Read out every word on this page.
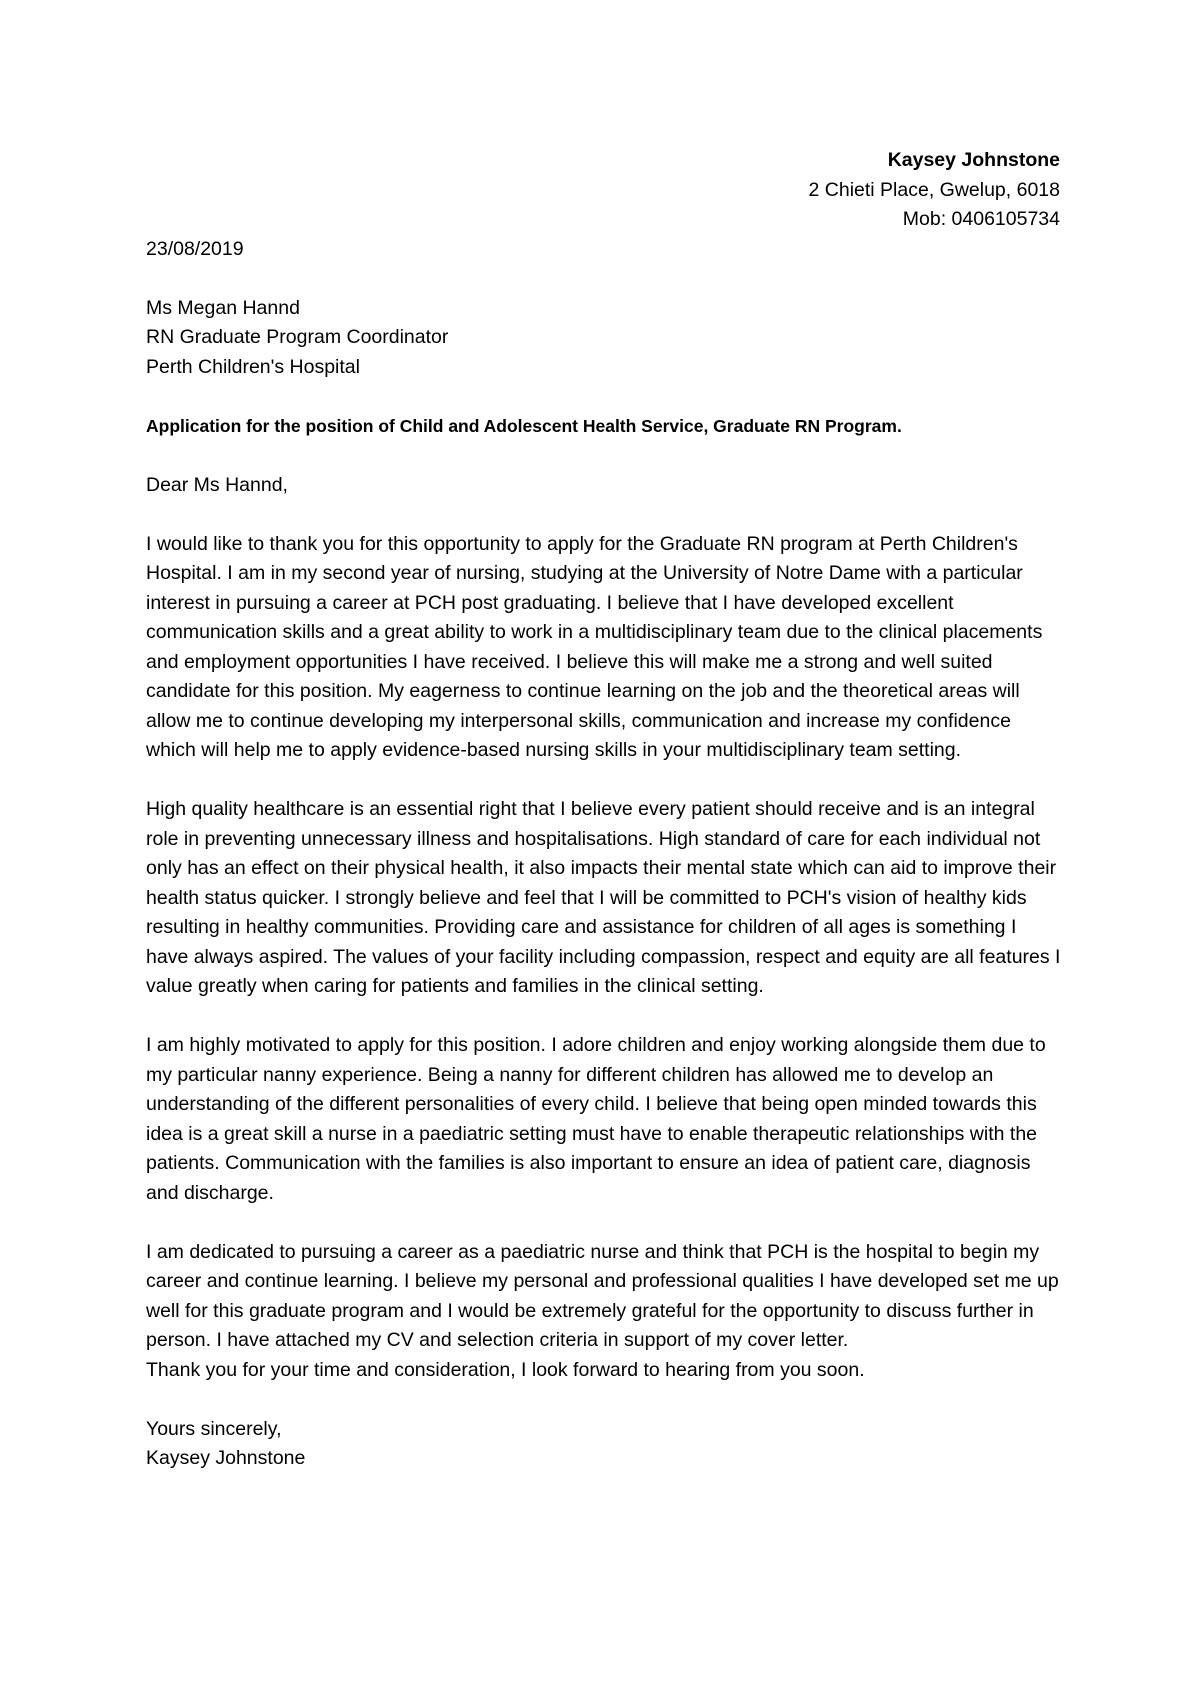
Kaysey Johnstone
2 Chieti Place, Gwelup, 6018
Mob: 0406105734
23/08/2019
Ms Megan Hannd
RN Graduate Program Coordinator
Perth Children's Hospital

Application for the position of Child and Adolescent Health Service, Graduate RN Program.

Dear Ms Hannd,

I would like to thank you for this opportunity to apply for the Graduate RN program at Perth Children's Hospital. I am in my second year of nursing, studying at the University of Notre Dame with a particular interest in pursuing a career at PCH post graduating. I believe that I have developed excellent communication skills and a great ability to work in a multidisciplinary team due to the clinical placements and employment opportunities I have received. I believe this will make me a strong and well suited candidate for this position. My eagerness to continue learning on the job and the theoretical areas will allow me to continue developing my interpersonal skills, communication and increase my confidence which will help me to apply evidence-based nursing skills in your multidisciplinary team setting.

High quality healthcare is an essential right that I believe every patient should receive and is an integral role in preventing unnecessary illness and hospitalisations. High standard of care for each individual not only has an effect on their physical health, it also impacts their mental state which can aid to improve their health status quicker. I strongly believe and feel that I will be committed to PCH's vision of healthy kids resulting in healthy communities. Providing care and assistance for children of all ages is something I have always aspired. The values of your facility including compassion, respect and equity are all features I value greatly when caring for patients and families in the clinical setting.

I am highly motivated to apply for this position. I adore children and enjoy working alongside them due to my particular nanny experience. Being a nanny for different children has allowed me to develop an understanding of the different personalities of every child. I believe that being open minded towards this idea is a great skill a nurse in a paediatric setting must have to enable therapeutic relationships with the patients. Communication with the families is also important to ensure an idea of patient care, diagnosis and discharge.

I am dedicated to pursuing a career as a paediatric nurse and think that PCH is the hospital to begin my career and continue learning. I believe my personal and professional qualities I have developed set me up well for this graduate program and I would be extremely grateful for the opportunity to discuss further in person. I have attached my CV and selection criteria in support of my cover letter.

Thank you for your time and consideration, I look forward to hearing from you soon.

Yours sincerely,

Kaysey Johnstone
